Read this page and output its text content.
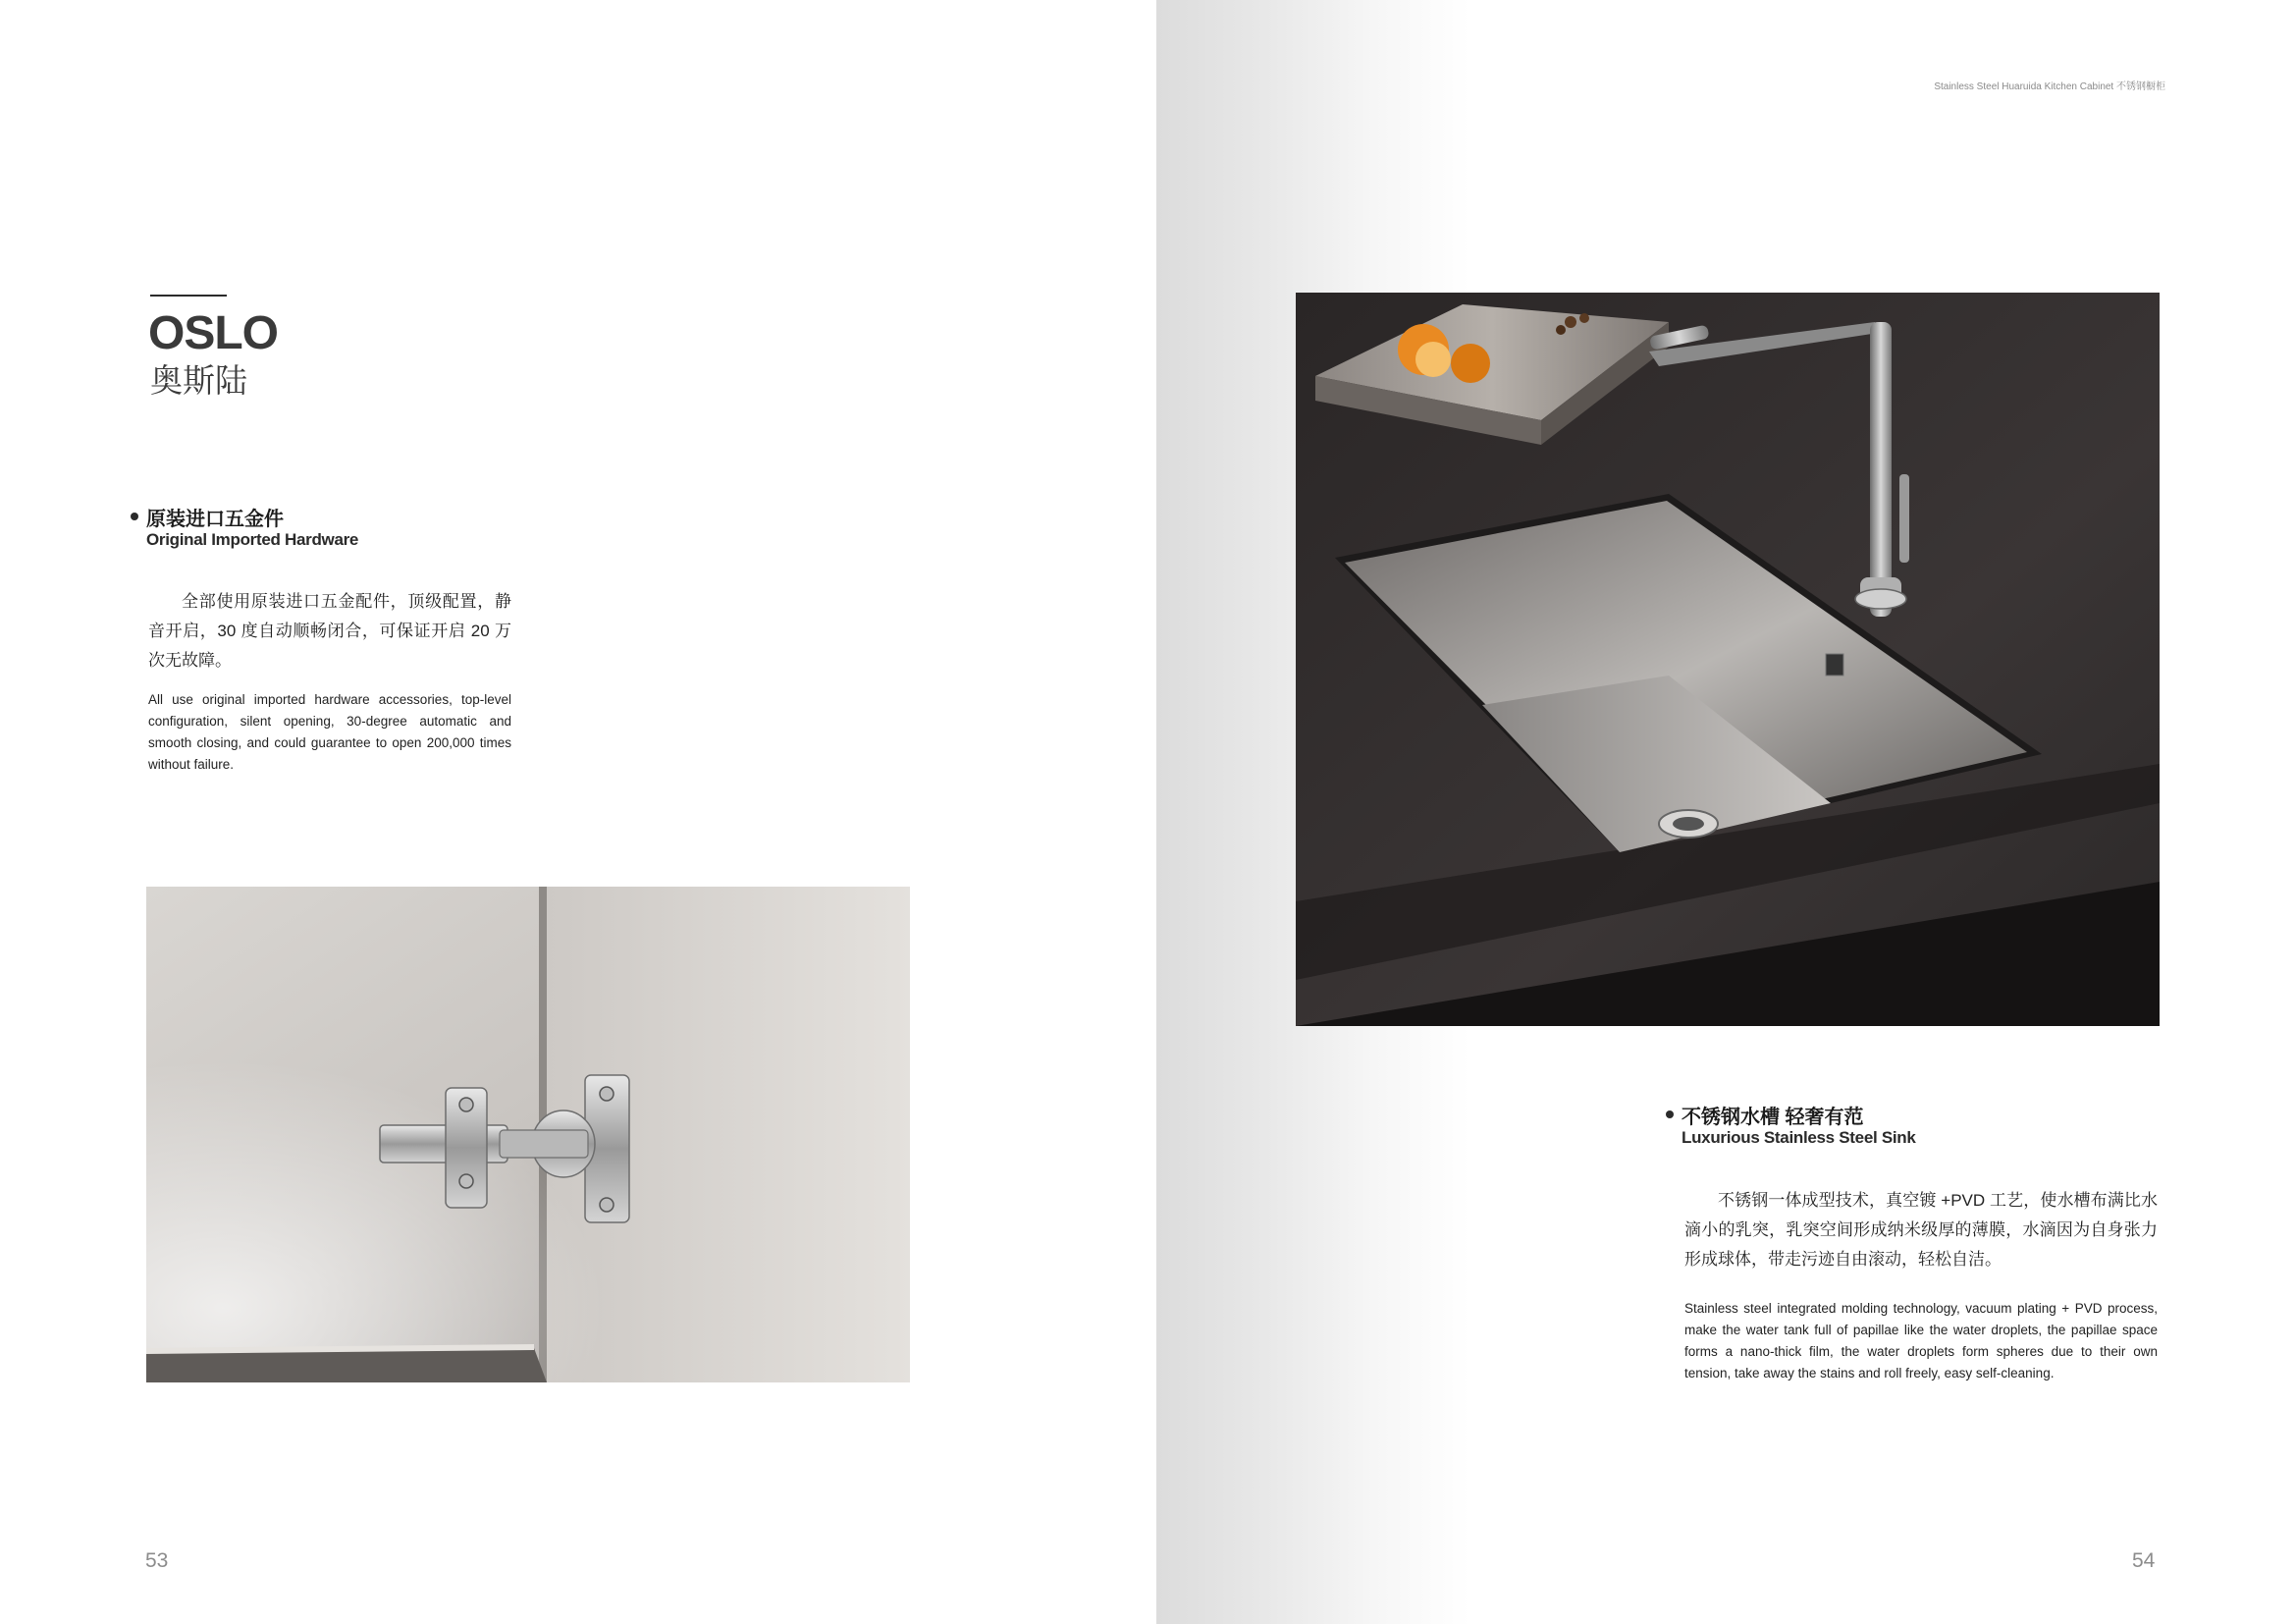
Stainless Steel Huaruida Kitchen Cabinet 不锈钢橱柜
OSLO
奥斯陆
原装进口五金件
Original Imported Hardware
全部使用原装进口五金配件，顶级配置，静音开启，30 度自动顺畅闭合，可保证开启 20 万次无故障。
All use original imported hardware accessories, top-level configuration, silent opening, 30-degree automatic and smooth closing, and could guarantee to open 200,000 times without failure.
不锈钢水槽 轻奢有范
Luxurious Stainless Steel Sink
不锈钢一体成型技术，真空镀 +PVD 工艺，使水槽布满比水滴小的乳突，乳突空间形成纳米级厚的薄膜，水滴因为自身张力形成球体，带走污迹自由滚动，轻松自洁。
Stainless steel integrated molding technology, vacuum plating + PVD process, make the water tank full of papillae like the water droplets, the papillae space forms a nano-thick film, the water droplets form spheres due to their own tension, take away the stains and roll freely, easy self-cleaning.
53	54
